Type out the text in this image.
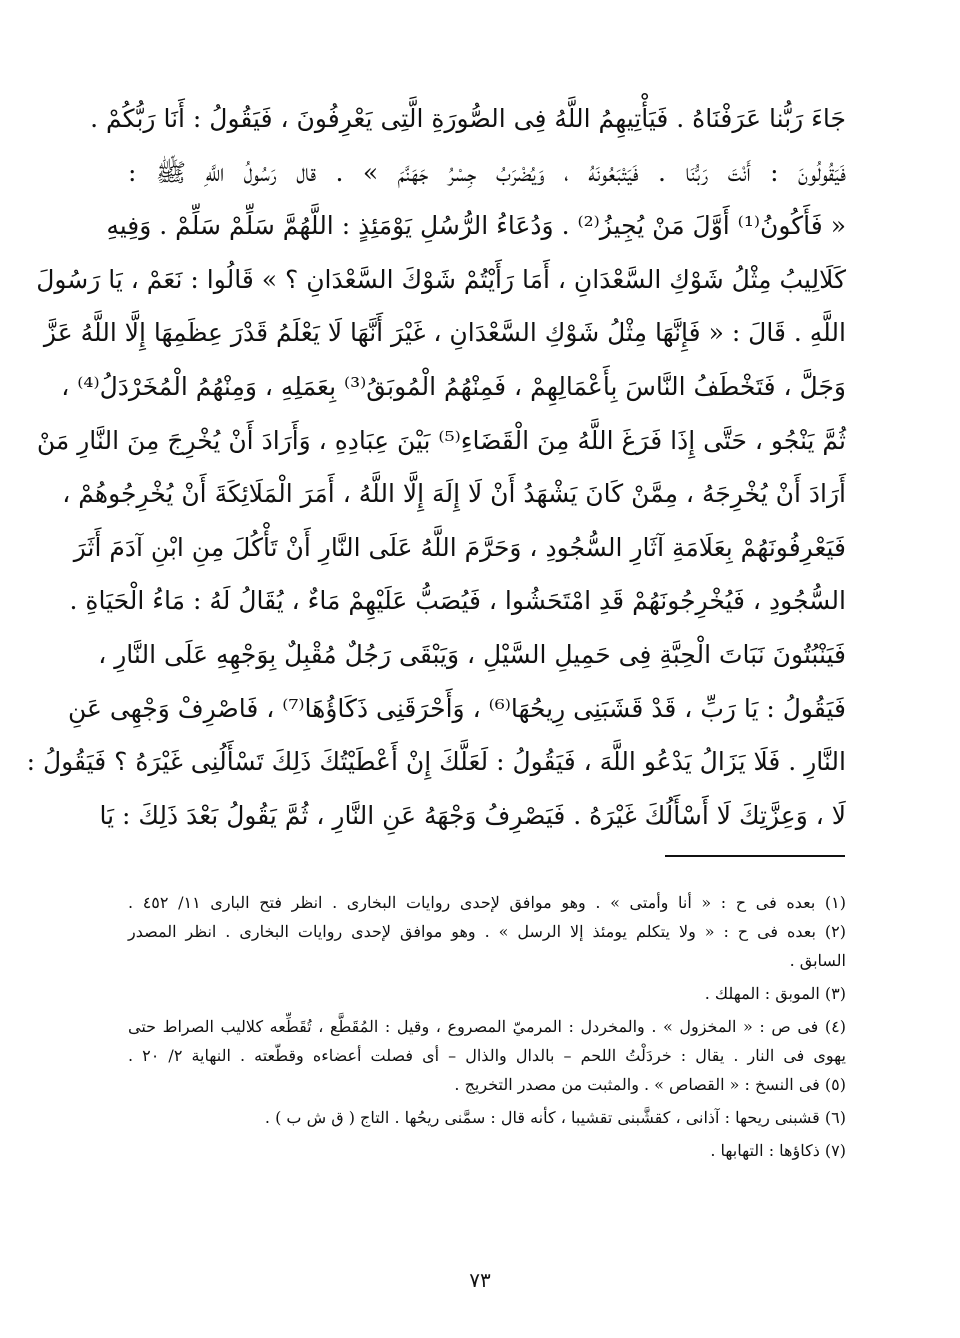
جَاءَ رَبُّنا عَرَفْنَاهُ . فَيَأْتِيهِمُ اللَّهُ فِى الصُّورَةِ الَّتِى يَعْرِفُونَ ، فَيَقُولُ : أَنَا رَبُّكُمْ .
فَيَقُولُونَ : أَنْتَ رَبُّنَا . فَيَتْبَعُونَهُ ، وَيُضْرَبُ جِسْرُ جَهَنَّمَ » . قال رَسُولُ اللَّهِ ﷺ :
« فَأَكُونُ⁽¹⁾ أَوَّلَ مَنْ يُجِيزُ⁽²⁾ . وَدُعَاءُ الرُّسُلِ يَوْمَئِذٍ : اللَّهُمَّ سَلِّمْ سَلِّمْ . وَفِيهِ
كَلَالِيبُ مِثْلُ شَوْكِ السَّعْدَانِ ، أَمَا رَأَيْتُمْ شَوْكَ السَّعْدَانِ ؟ » قَالُوا : نَعَمْ ، يَا رَسُولَ
اللَّهِ . قَالَ : « فَإِنَّهَا مِثْلُ شَوْكِ السَّعْدَانِ ، غَيْرَ أَنَّهَا لَا يَعْلَمُ قَدْرَ عِظَمِهَا إِلَّا اللَّهُ عَزَّ
وَجَلَّ ، فَتَخْطَفُ النَّاسَ بِأَعْمَالِهِمْ ، فَمِنْهُمُ الْمُوبَقُ⁽³⁾ بِعَمَلِهِ ، وَمِنْهُمُ الْمُخَرْدَلُ⁽⁴⁾ ،
ثُمَّ يَنْجُو ، حَتَّى إِذَا فَرَغَ اللَّهُ مِنَ الْقَضَاءِ⁽⁵⁾ بَيْنَ عِبَادِهِ ، وَأَرَادَ أَنْ يُخْرِجَ مِنَ النَّارِ مَنْ
أَرَادَ أَنْ يُخْرِجَهُ ، مِمَّنْ كَانَ يَشْهَدُ أَنْ لَا إِلَهَ إِلَّا اللَّهُ ، أَمَرَ الْمَلَائِكَةَ أَنْ يُخْرِجُوهُمْ ،
فَيَعْرِفُونَهُمْ بِعَلَامَةِ آثَارِ السُّجُودِ ، وَحَرَّمَ اللَّهُ عَلَى النَّارِ أَنْ تَأْكُلَ مِنِ ابْنِ آدَمَ أَثَرَ
السُّجُودِ ، فَيُخْرِجُونَهُمْ قَدِ امْتَحَشُوا ، فَيُصَبُّ عَلَيْهِمْ مَاءٌ ، يُقَالُ لَهُ : مَاءُ الْحَيَاةِ .
فَيَنْبُتُونَ نَبَاتَ الْحِبَّةِ فِى حَمِيلِ السَّيْلِ ، وَيَبْقَى رَجُلٌ مُقْبِلٌ بِوَجْهِهِ عَلَى النَّارِ ،
فَيَقُولُ : يَا رَبِّ ، قَدْ قَشَبَنِى رِيحُهَا⁽⁶⁾ ، وَأَحْرَقَنِى ذَكَاؤُهَا⁽⁷⁾ ، فَاصْرِفْ وَجْهِى عَنِ
النَّارِ . فَلَا يَزَالُ يَدْعُو اللَّهَ ، فَيَقُولُ : لَعَلَّكَ إِنْ أَعْطَيْتُكَ ذَلِكَ تَسْأَلُنِى غَيْرَهُ ؟ فَيَقُولُ :
لَا ، وَعِزَّتِكَ لَا أَسْأَلُكَ غَيْرَهُ . فَيَصْرِفُ وَجْهَهُ عَنِ النَّارِ ، ثُمَّ يَقُولُ بَعْدَ ذَلِكَ : يَا
(١) بعده فى ح : « أنا وأمتى » . وهو موافق لإحدى روايات البخارى . انظر فتح البارى ١١/ ٤٥٢ .
(٢) بعده فى ح : « ولا يتكلم يومئذ إلا الرسل » . وهو موافق لإحدى روايات البخارى . انظر المصدر
السابق .
(٣) الموبق : المهلك .
(٤) فى ص : « المخزول » . والمخردل : المرميّ المصروع ، وقيل : المُقَطَّع ، تُقَطِّعه كلاليب الصراط حتى
يهوى فى النار . يقال : خردَلْتُ اللحم – بالدال والذال – أى فصلت أعضاءه وقطّعته . النهاية ٢/ ٢٠ .
(٥) فى النسخ : « القصاص » . والمثبت من مصدر التخريج .
(٦) قشبنى ريحها : آذانى ، كقشَّبنى تقشيبا ، كأنه قال : سمَّنى ريحُها . التاج ( ق ش ب ) .
(٧) ذكاؤها : التهابها .
٧٣
